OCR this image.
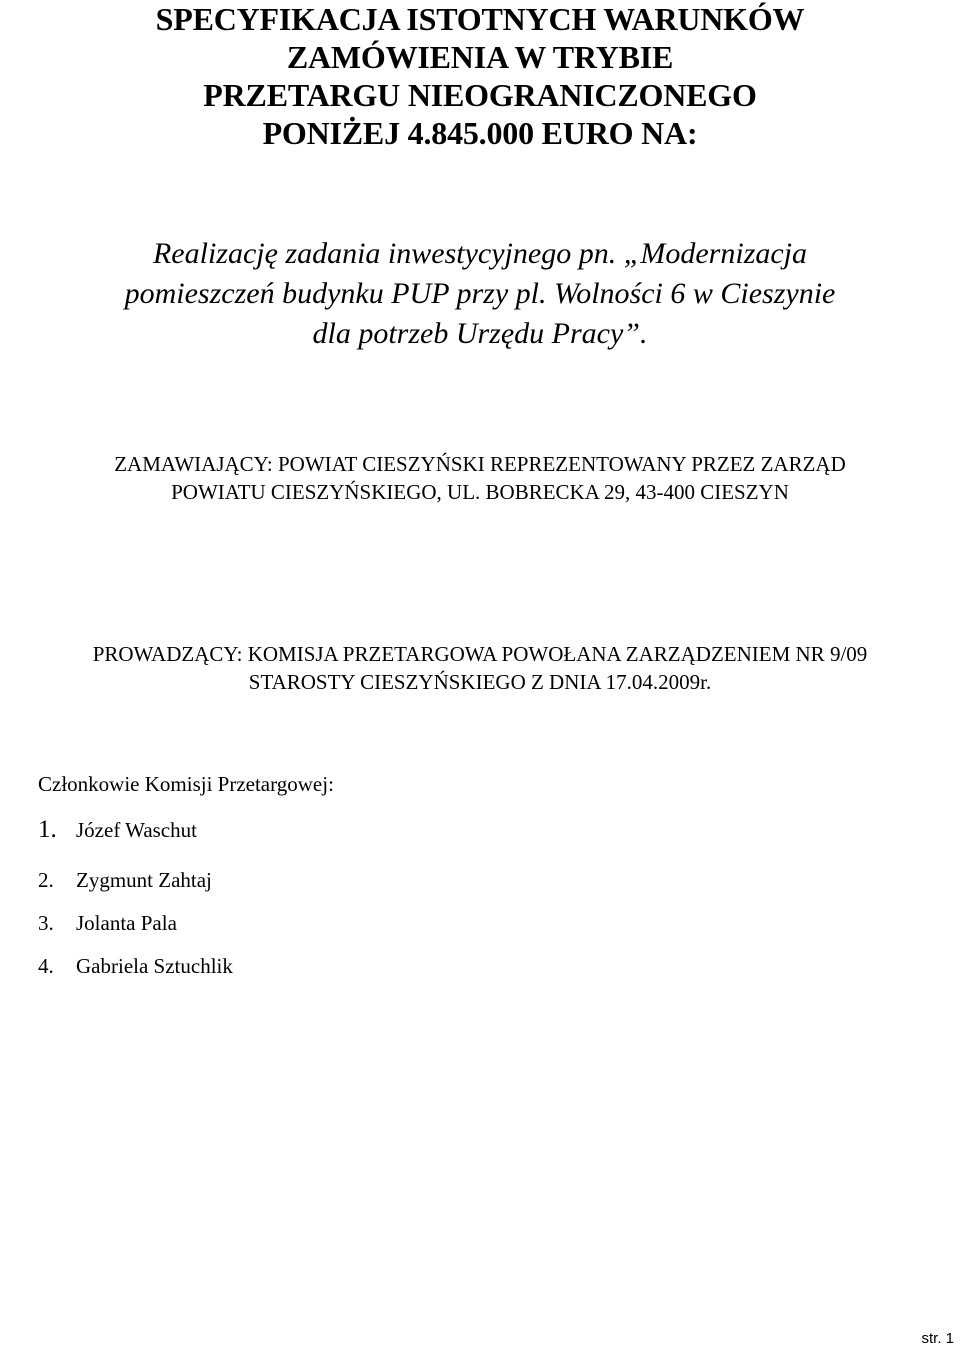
SPECYFIKACJA ISTOTNYCH WARUNKÓW
ZAMÓWIENIA W TRYBIE
PRZETARGU NIEOGRANICZONEGO
PONIŻEJ 4.845.000 EURO NA:
Realizację zadania inwestycyjnego pn. „Modernizacja
pomieszczeń budynku PUP przy pl. Wolności 6 w Cieszynie
dla potrzeb Urzędu Pracy”.
ZAMAWIAJĄCY: POWIAT CIESZYŃSKI REPREZENTOWANY PRZEZ ZARZĄD
POWIATU CIESZYŃSKIEGO, UL. BOBRECKA 29, 43-400 CIESZYN
PROWADZĄCY: KOMISJA PRZETARGOWA POWOŁANA ZARZĄDZENIEM NR 9/09
STAROSTY CIESZYŃSKIEGO Z DNIA 17.04.2009r.
Członkowie Komisji Przetargowej:
1. Józef Waschut
2. Zygmunt Zahtaj
3. Jolanta Pala
4. Gabriela Sztuchlik
str. 1
